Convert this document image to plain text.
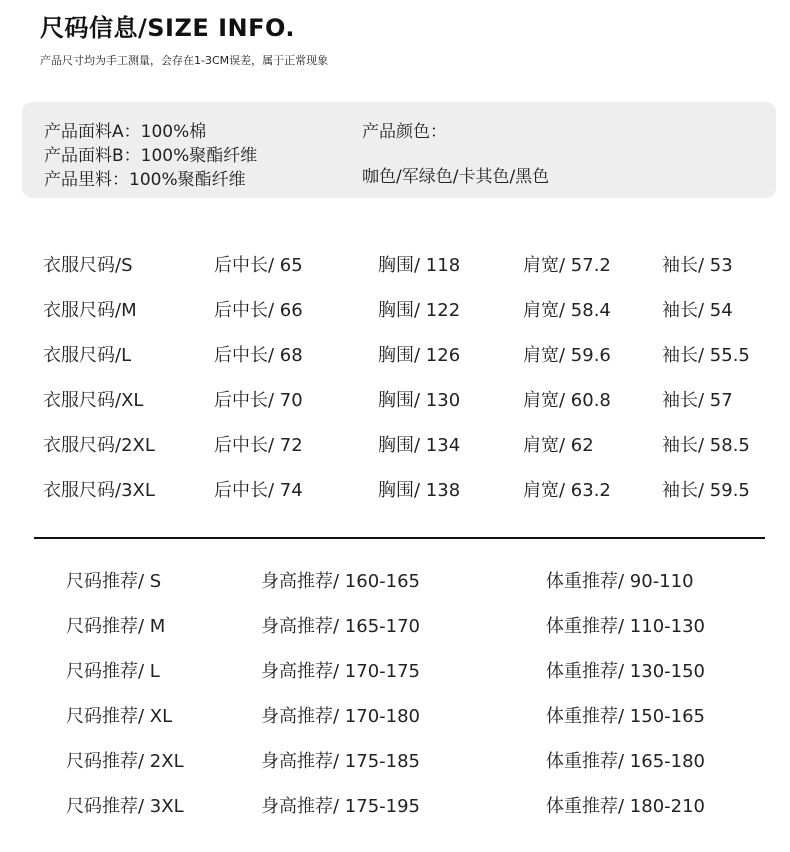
尺码信息/SIZE INFO.
产品尺寸均为手工测量，会存在1-3CM误差，属于正常现象
产品面料A：100%棉
产品面料B：100%聚酯纤维
产品里料：100%聚酯纤维
产品颜色：
咖色/军绿色/卡其色/黑色
衣服尺码/S	后中长/ 65	胸围/ 118	肩宽/ 57.2	袖长/ 53
衣服尺码/M	后中长/ 66	胸围/ 122	肩宽/ 58.4	袖长/ 54
衣服尺码/L	后中长/ 68	胸围/ 126	肩宽/ 59.6	袖长/ 55.5
衣服尺码/XL	后中长/ 70	胸围/ 130	肩宽/ 60.8	袖长/ 57
衣服尺码/2XL	后中长/ 72	胸围/ 134	肩宽/ 62	袖长/ 58.5
衣服尺码/3XL	后中长/ 74	胸围/ 138	肩宽/ 63.2	袖长/ 59.5
尺码推荐/ S	身高推荐/ 160-165	体重推荐/ 90-110
尺码推荐/ M	身高推荐/ 165-170	体重推荐/ 110-130
尺码推荐/ L	身高推荐/ 170-175	体重推荐/ 130-150
尺码推荐/ XL	身高推荐/ 170-180	体重推荐/ 150-165
尺码推荐/ 2XL	身高推荐/ 175-185	体重推荐/ 165-180
尺码推荐/ 3XL	身高推荐/ 175-195	体重推荐/ 180-210
